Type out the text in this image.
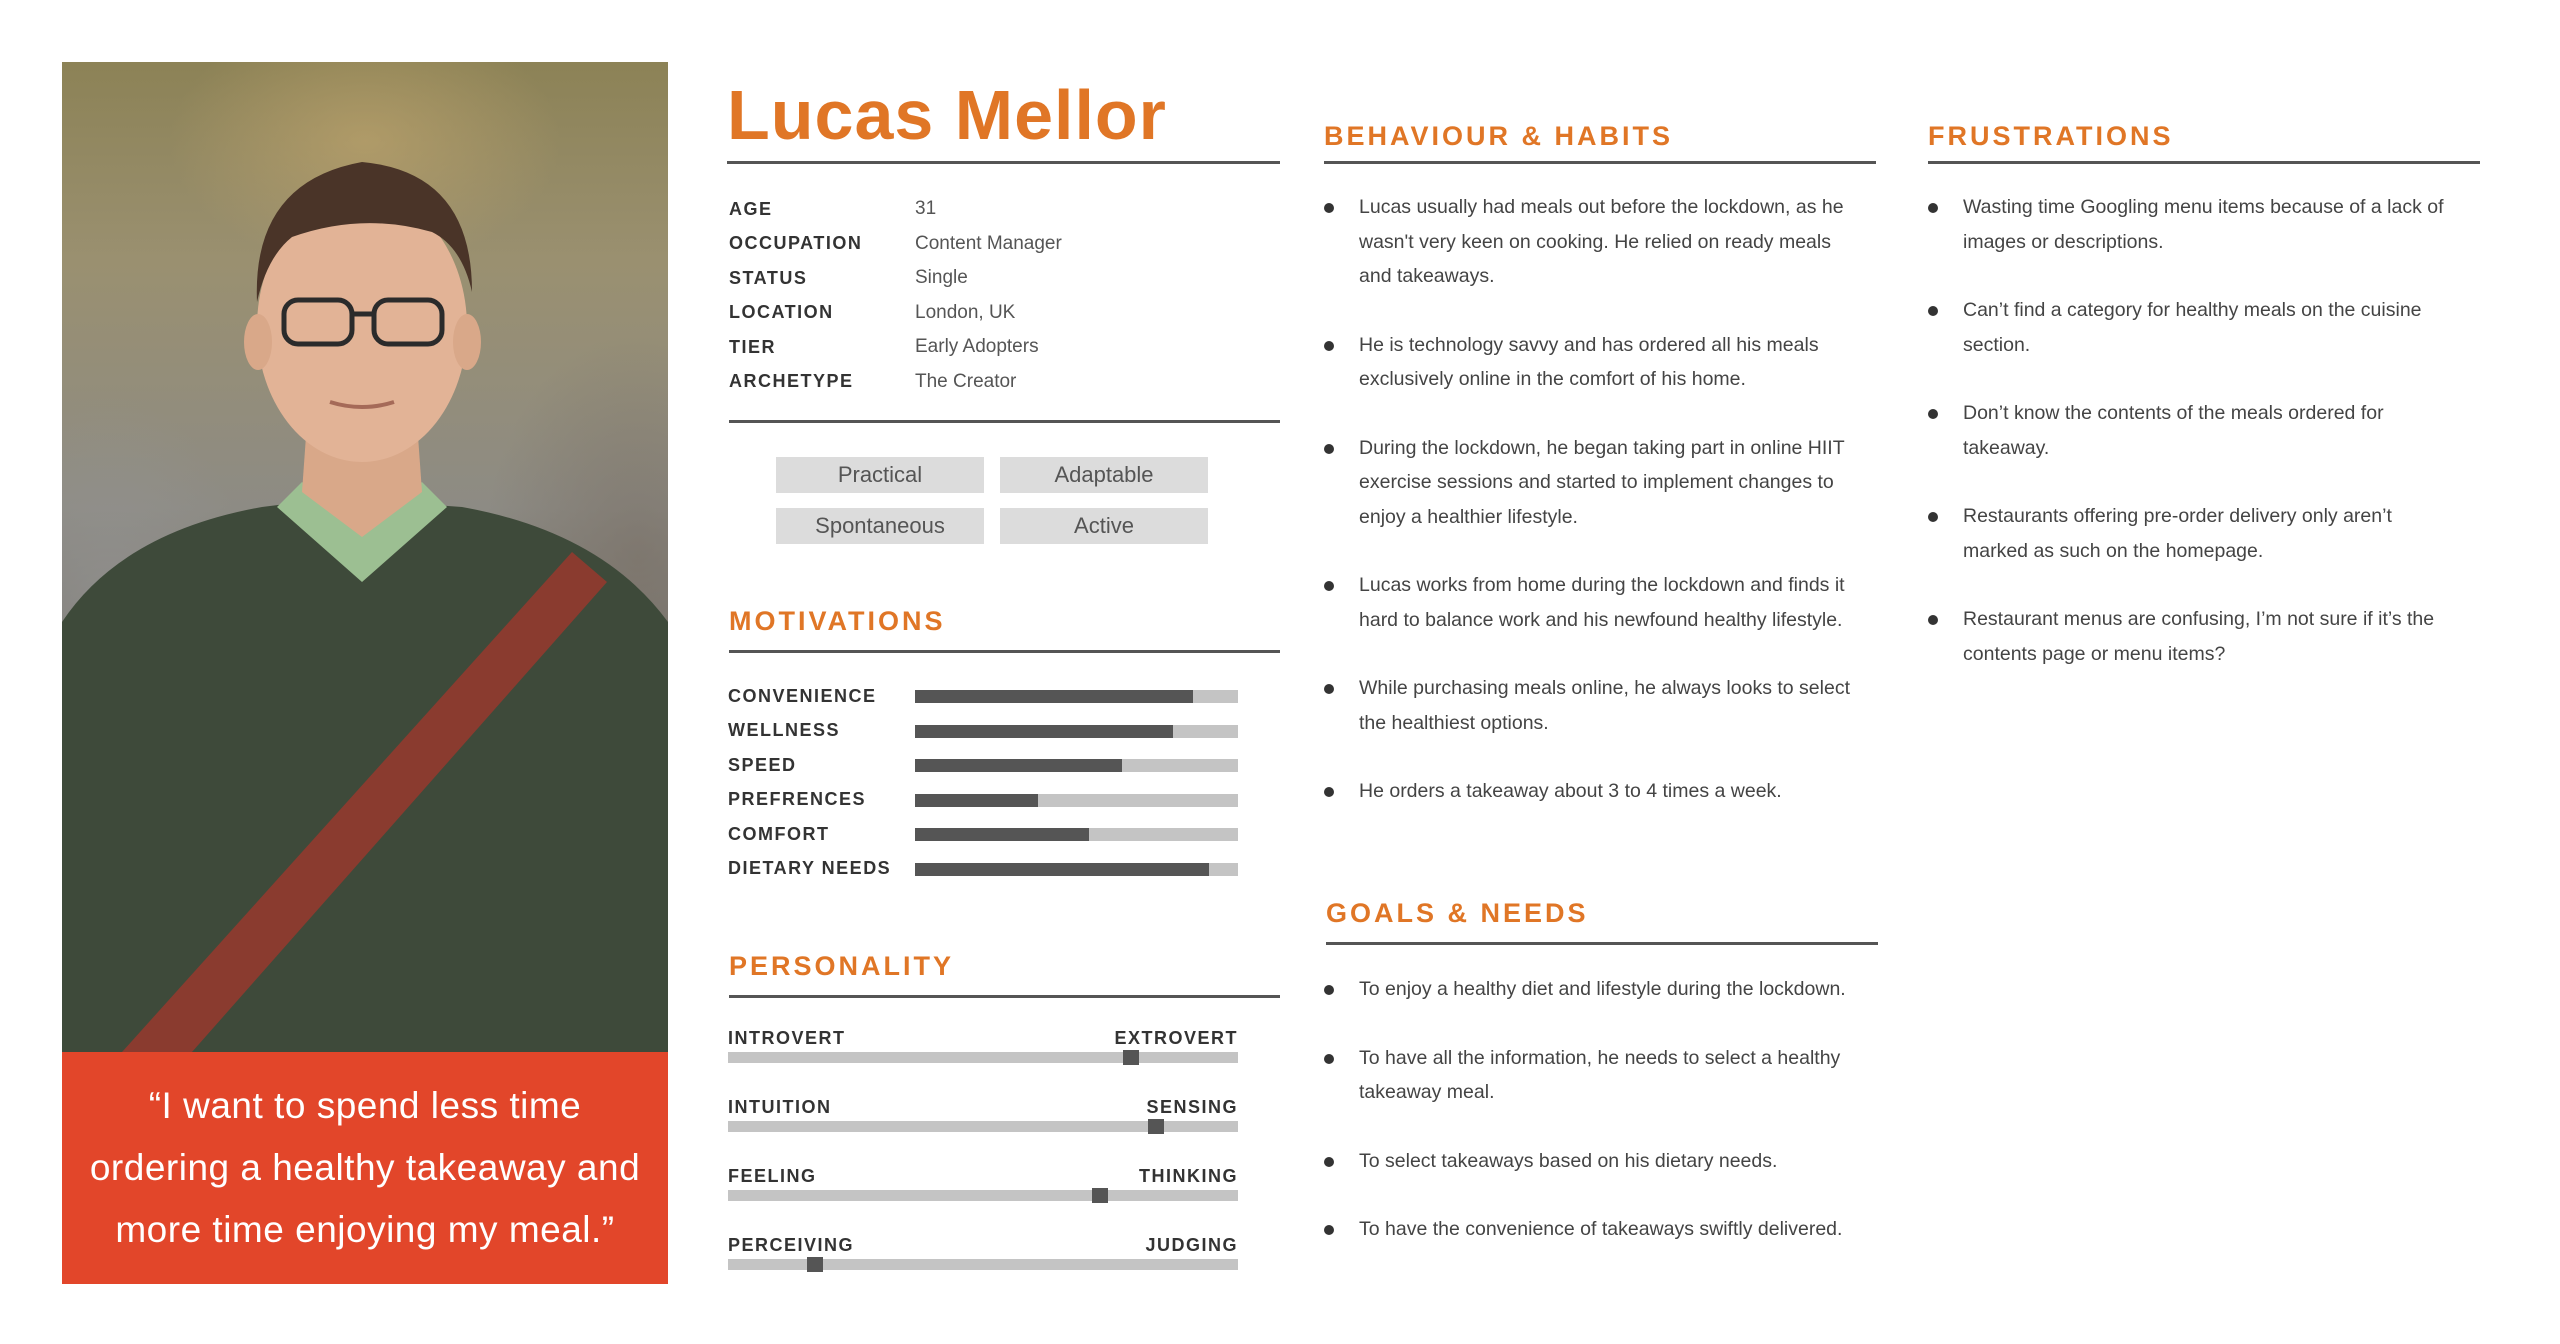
“I want to spend less time
ordering a healthy takeaway and
more time enjoying my meal.”
Lucas Mellor
AGE	31
OCCUPATION	Content Manager
STATUS	Single
LOCATION	London, UK
TIER	Early Adopters
ARCHETYPE	The Creator
Practical	Adaptable
Spontaneous	Active
MOTIVATIONS
CONVENIENCE
WELLNESS
SPEED
PREFRENCES
COMFORT
DIETARY NEEDS
PERSONALITY
INTROVERT	EXTROVERT
INTUITION	SENSING
FEELING	THINKING
PERCEIVING	JUDGING
BEHAVIOUR & HABITS
Lucas usually had meals out before the lockdown, as he
wasn't very keen on cooking. He relied on ready meals
and takeaways.
He is technology savvy and has ordered all his meals
exclusively online in the comfort of his home.
During the lockdown, he began taking part in online HIIT
exercise sessions and started to implement changes to
enjoy a healthier lifestyle.
Lucas works from home during the lockdown and finds it
hard to balance work and his newfound healthy lifestyle.
While purchasing meals online, he always looks to select
the healthiest options.
He orders a takeaway about 3 to 4 times a week.
GOALS & NEEDS
To enjoy a healthy diet and lifestyle during the lockdown.
To have all the information, he needs to select a healthy
takeaway meal.
To select takeaways based on his dietary needs.
To have the convenience of takeaways swiftly delivered.
FRUSTRATIONS
Wasting time Googling menu items because of a lack of
images or descriptions.
Can’t find a category for healthy meals on the cuisine
section.
Don’t know the contents of the meals ordered for
takeaway.
Restaurants offering pre-order delivery only aren’t
marked as such on the homepage.
Restaurant menus are confusing, I’m not sure if it’s the
contents page or menu items?
